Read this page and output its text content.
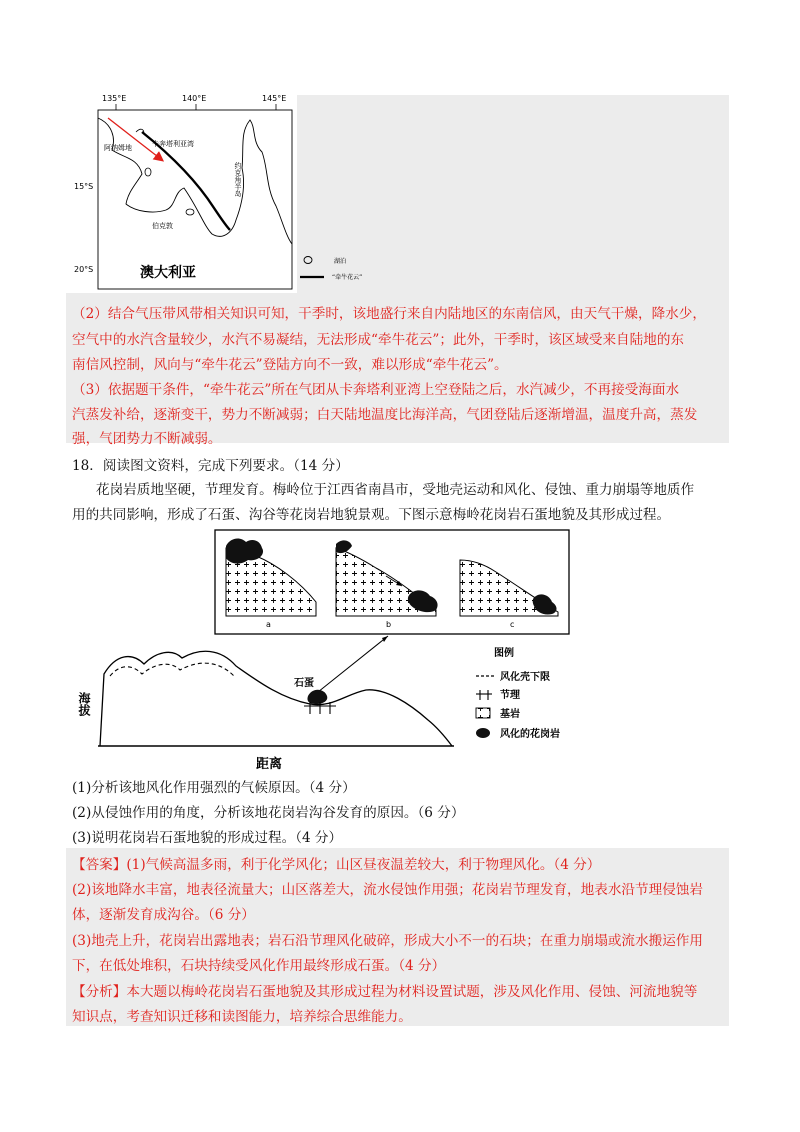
135°E	140°E	145°E
15°S
20°S
阿纳姆地	卡奔塔利亚湾
伯克敦
约克角半岛
澳大利亚
湖泊
“牵牛花云”
（2）结合气压带风带相关知识可知，干季时，该地盛行来自内陆地区的东南信风，由天气干燥，降水少，
空气中的水汽含量较少，水汽不易凝结，无法形成“牵牛花云”；此外，干季时，该区域受来自陆地的东
南信风控制，风向与“牵牛花云”登陆方向不一致，难以形成“牵牛花云”。
（3）依据题干条件，“牵牛花云”所在气团从卡奔塔利亚湾上空登陆之后，水汽减少，不再接受海面水
汽蒸发补给，逐渐变干，势力不断减弱；白天陆地温度比海洋高，气团登陆后逐渐增温，温度升高，蒸发
强，气团势力不断减弱。
18．阅读图文资料，完成下列要求。（14 分）
花岗岩质地坚硬，节理发育。梅岭位于江西省南昌市，受地壳运动和风化、侵蚀、重力崩塌等地质作
用的共同影响，形成了石蛋、沟谷等花岗岩地貌景观。下图示意梅岭花岗岩石蛋地貌及其形成过程。
a	b	c
石蛋
海拔
距离
图例
风化壳下限
节理
基岩
风化的花岗岩
(1)分析该地风化作用强烈的气候原因。（4 分）
(2)从侵蚀作用的角度，分析该地花岗岩沟谷发育的原因。（6 分）
(3)说明花岗岩石蛋地貌的形成过程。（4 分）
【答案】(1)气候高温多雨，利于化学风化；山区昼夜温差较大，利于物理风化。（4 分）
(2)该地降水丰富，地表径流量大；山区落差大，流水侵蚀作用强；花岗岩节理发育，地表水沿节理侵蚀岩
体，逐渐发育成沟谷。（6 分）
(3)地壳上升，花岗岩出露地表；岩石沿节理风化破碎，形成大小不一的石块；在重力崩塌或流水搬运作用
下，在低处堆积，石块持续受风化作用最终形成石蛋。（4 分）
【分析】本大题以梅岭花岗岩石蛋地貌及其形成过程为材料设置试题，涉及风化作用、侵蚀、河流地貌等
知识点，考查知识迁移和读图能力，培养综合思维能力。
